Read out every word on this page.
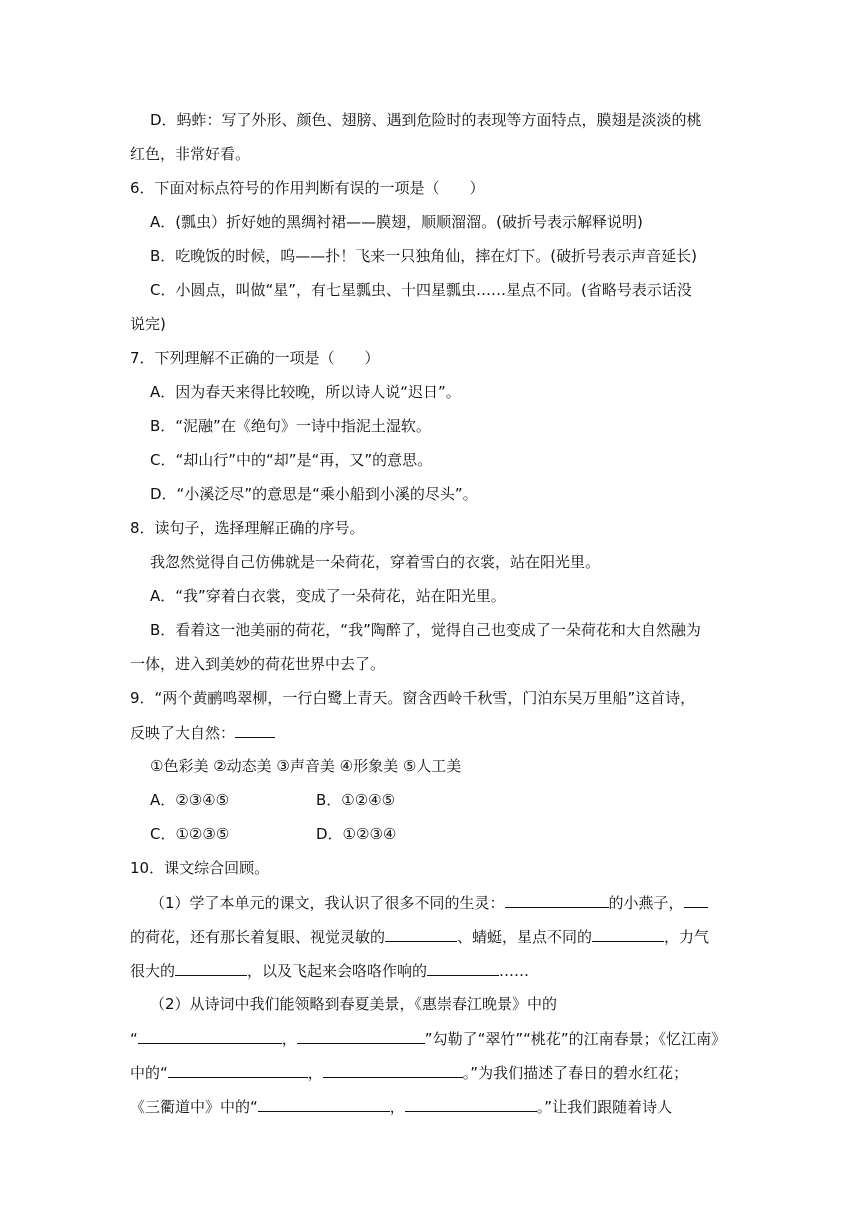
D．蚂蚱：写了外形、颜色、翅膀、遇到危险时的表现等方面特点，膜翅是淡淡的桃
红色，非常好看。
6．下面对标点符号的作用判断有误的一项是（　　）
A．(瓢虫）折好她的黑绸衬裙——膜翅，顺顺溜溜。(破折号表示解释说明)
B．吃晚饭的时候，呜——扑！飞来一只独角仙，摔在灯下。(破折号表示声音延长)
C．小圆点，叫做“星”，有七星瓢虫、十四星瓢虫……星点不同。(省略号表示话没
说完)
7．下列理解不正确的一项是（　　）
A．因为春天来得比较晚，所以诗人说“迟日”。
B．“泥融”在《绝句》一诗中指泥土湿软。
C．“却山行”中的“却”是“再，又”的意思。
D．“小溪泛尽”的意思是“乘小船到小溪的尽头”。
8．读句子，选择理解正确的序号。
我忽然觉得自己仿佛就是一朵荷花，穿着雪白的衣裳，站在阳光里。
A．“我”穿着白衣裳，变成了一朵荷花，站在阳光里。
B．看着这一池美丽的荷花，“我”陶醉了，觉得自己也变成了一朵荷花和大自然融为
一体，进入到美妙的荷花世界中去了。
9．“两个黄鹂鸣翠柳，一行白鹭上青天。窗含西岭千秋雪，门泊东吴万里船”这首诗，
反映了大自然：
①色彩美 ②动态美 ③声音美 ④形象美 ⑤人工美
A．②③④⑤	B．①②④⑤
C．①②③⑤	D．①②③④
10．课文综合回顾。
（1）学了本单元的课文，我认识了很多不同的生灵：	的小燕子，
的荷花，还有那长着复眼、视觉灵敏的	、蜻蜓，星点不同的	，力气
很大的	，以及飞起来会咯咯作响的	……
（2）从诗词中我们能领略到春夏美景，《惠崇春江晚景》中的
“	，	”勾勒了“翠竹”“桃花”的江南春景；《忆江南》
中的“	，	。”为我们描述了春日的碧水红花；
《三衢道中》中的“	，	。”让我们跟随着诗人
